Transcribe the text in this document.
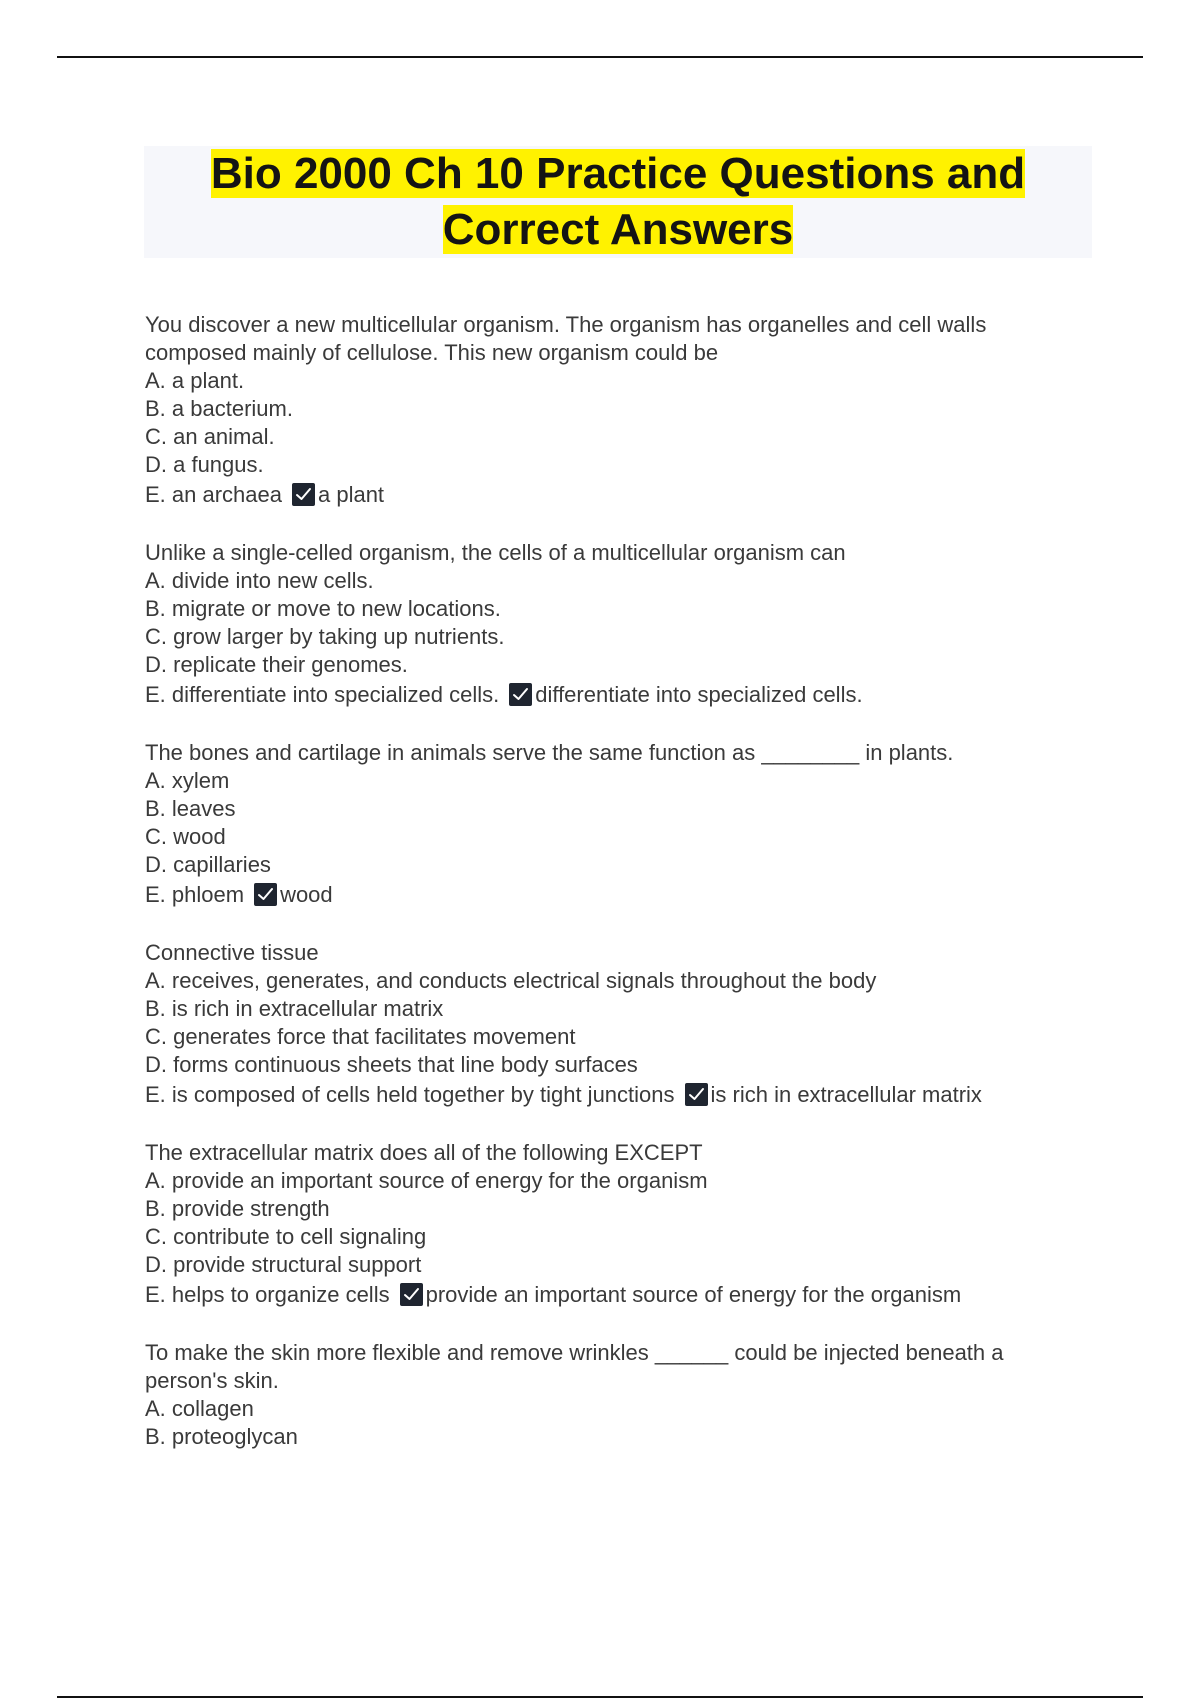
Bio 2000 Ch 10 Practice Questions and Correct Answers
You discover a new multicellular organism. The organism has organelles and cell walls composed mainly of cellulose. This new organism could be
A. a plant.
B. a bacterium.
C. an animal.
D. a fungus.
E. an archaea a plant
Unlike a single-celled organism, the cells of a multicellular organism can
A. divide into new cells.
B. migrate or move to new locations.
C. grow larger by taking up nutrients.
D. replicate their genomes.
E. differentiate into specialized cells. differentiate into specialized cells.
The bones and cartilage in animals serve the same function as ________ in plants.
A. xylem
B. leaves
C. wood
D. capillaries
E. phloem wood
Connective tissue
A. receives, generates, and conducts electrical signals throughout the body
B. is rich in extracellular matrix
C. generates force that facilitates movement
D. forms continuous sheets that line body surfaces
E. is composed of cells held together by tight junctions is rich in extracellular matrix
The extracellular matrix does all of the following EXCEPT
A. provide an important source of energy for the organism
B. provide strength
C. contribute to cell signaling
D. provide structural support
E. helps to organize cells provide an important source of energy for the organism
To make the skin more flexible and remove wrinkles ______ could be injected beneath a person's skin.
A. collagen
B. proteoglycan
